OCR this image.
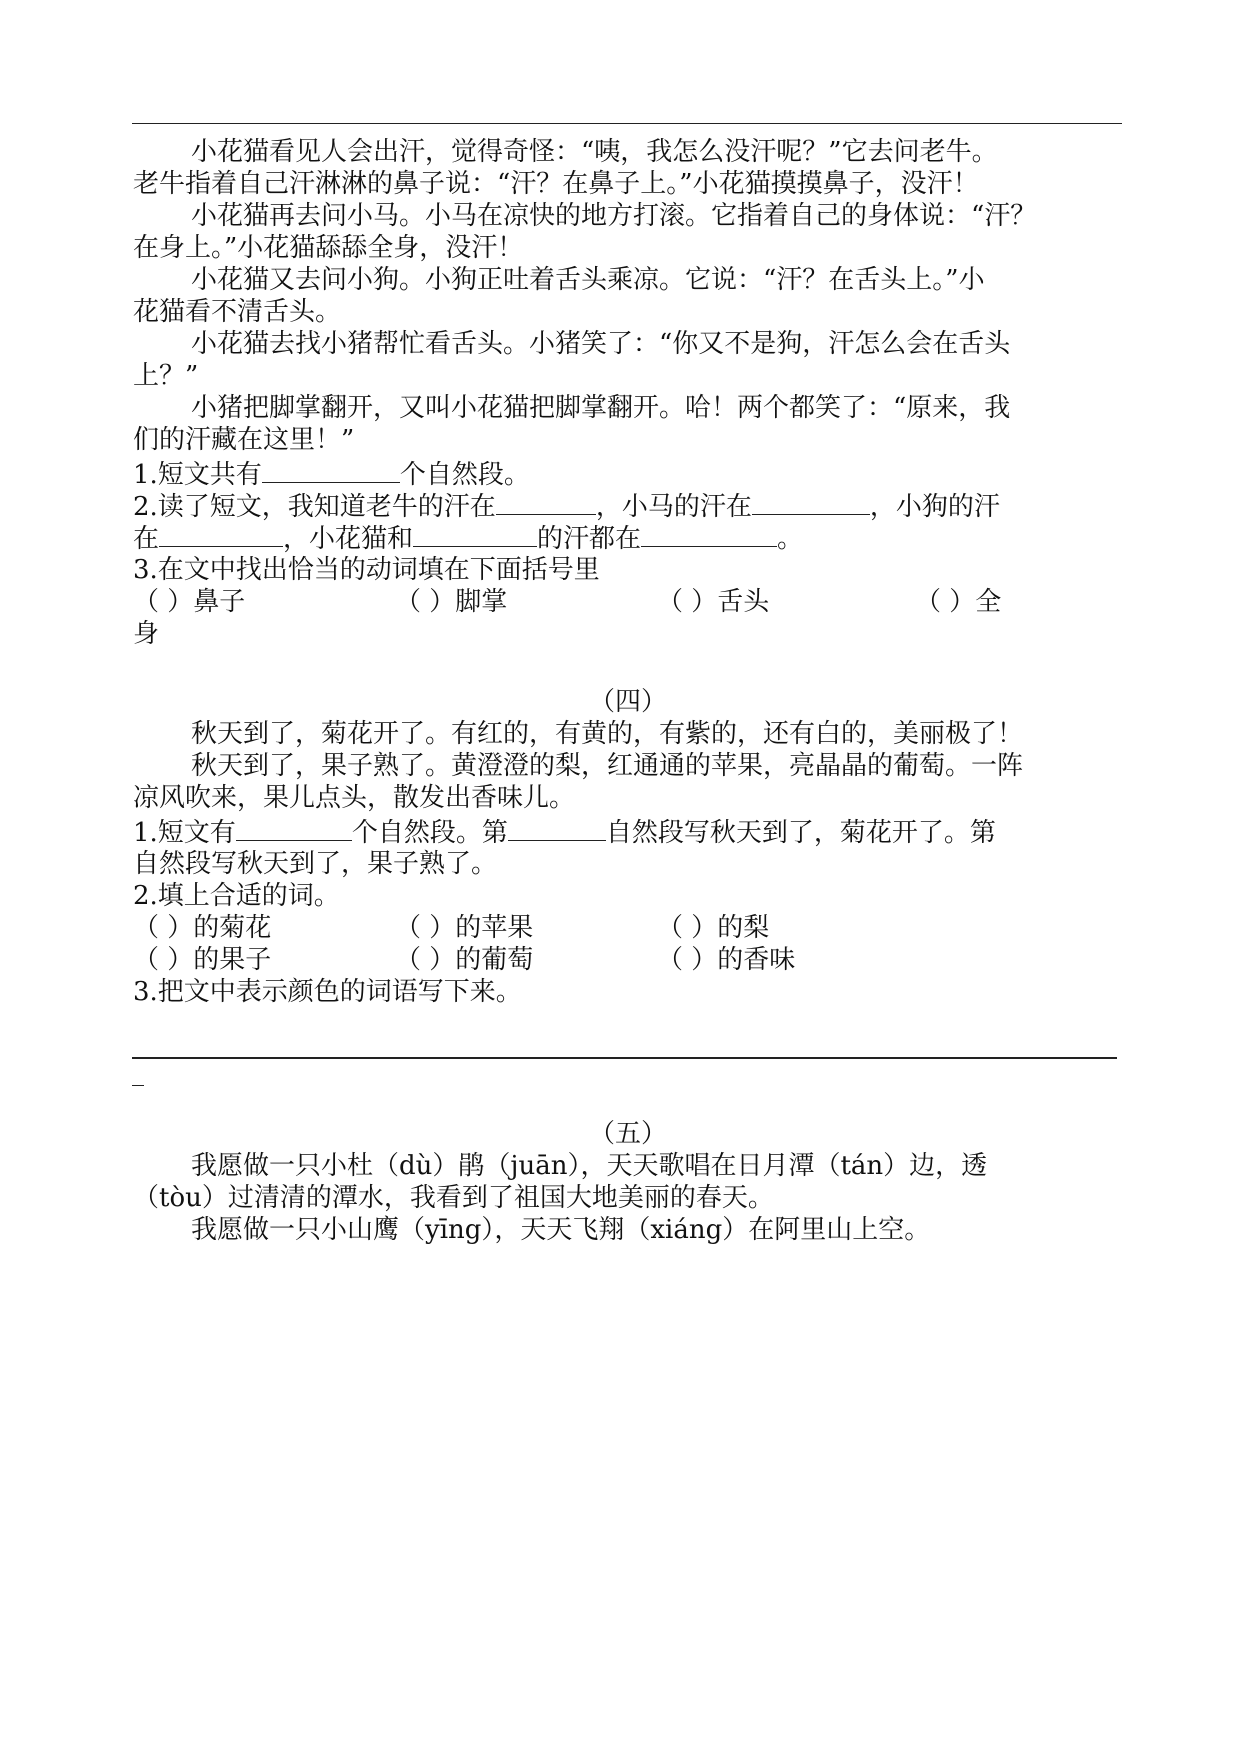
小花猫看见人会出汗，觉得奇怪：“咦，我怎么没汗呢？”它去问老牛。
老牛指着自己汗淋淋的鼻子说：“汗？在鼻子上。”小花猫摸摸鼻子，没汗！
小花猫再去问小马。小马在凉快的地方打滚。它指着自己的身体说：“汗？
在身上。”小花猫舔舔全身，没汗！
小花猫又去问小狗。小狗正吐着舌头乘凉。它说：“汗？在舌头上。”小
花猫看不清舌头。
小花猫去找小猪帮忙看舌头。小猪笑了：“你又不是狗，汗怎么会在舌头
上？”
小猪把脚掌翻开，又叫小花猫把脚掌翻开。哈！两个都笑了：“原来，我
们的汗藏在这里！”
1.短文共有	个自然段。
2.读了短文，我知道老牛的汗在	，小马的汗在	，小狗的汗
在	，小花猫和	的汗都在	。
3.在文中找出恰当的动词填在下面括号里
（ ）鼻子	（ ）脚掌	（ ）舌头	（ ）全
身
（四）
秋天到了，菊花开了。有红的，有黄的，有紫的，还有白的，美丽极了！
秋天到了，果子熟了。黄澄澄的梨，红通通的苹果，亮晶晶的葡萄。一阵
凉风吹来，果儿点头，散发出香味儿。
1.短文有	个自然段。第	自然段写秋天到了，菊花开了。第
自然段写秋天到了，果子熟了。
2.填上合适的词。
（ ）的菊花	（ ）的苹果	（ ）的梨
（ ）的果子	（ ）的葡萄	（ ）的香味
3.把文中表示颜色的词语写下来。
（五）
我愿做一只小杜（dù）鹃（juān），天天歌唱在日月潭（tán）边，透
（tòu）过清清的潭水，我看到了祖国大地美丽的春天。
我愿做一只小山鹰（yīng），天天飞翔（xiáng）在阿里山上空。
